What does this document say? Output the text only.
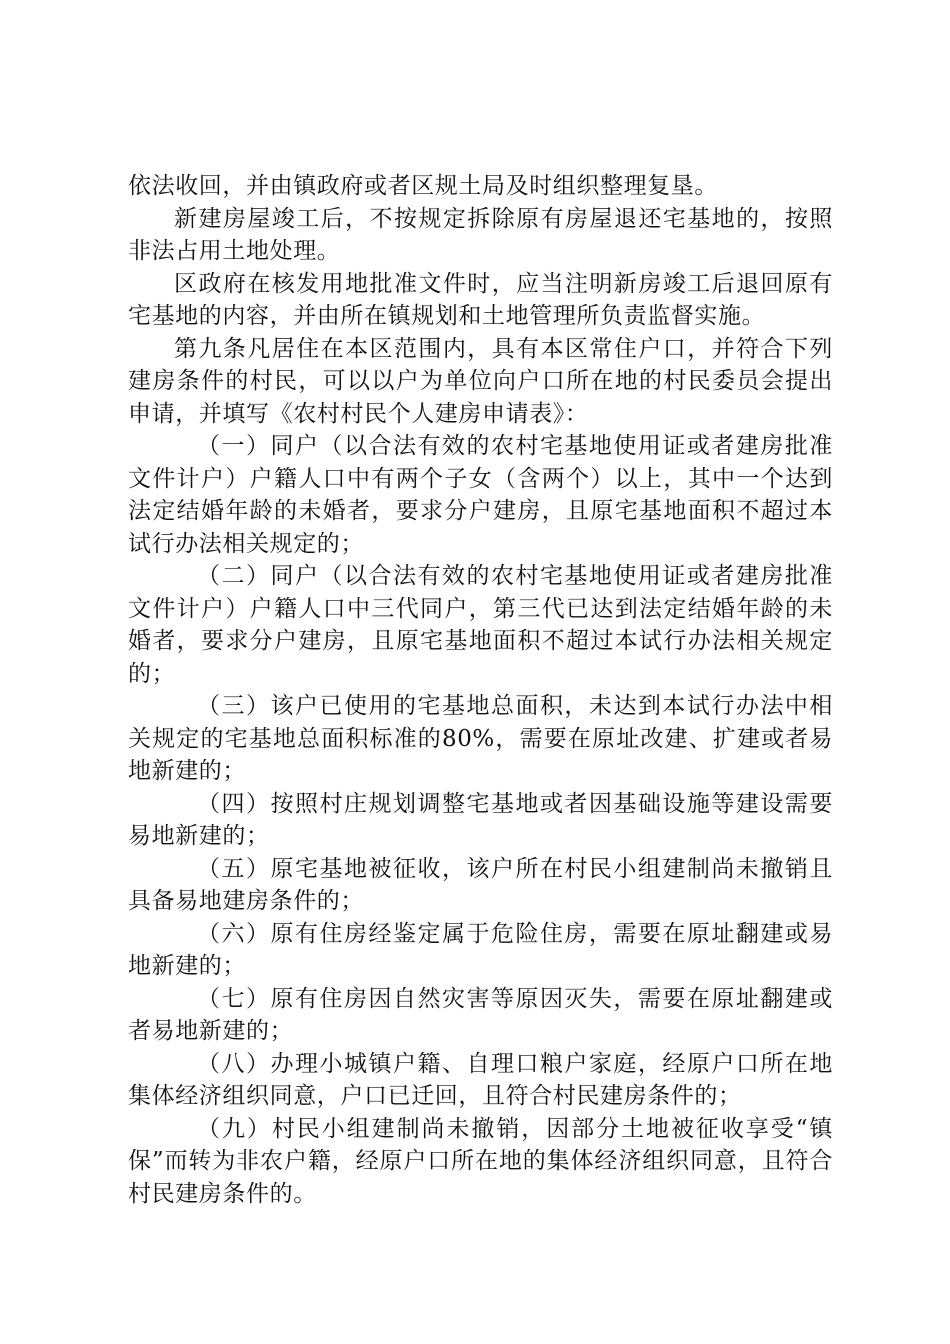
依法收回，并由镇政府或者区规土局及时组织整理复垦。

新建房屋竣工后，不按规定拆除原有房屋退还宅基地的，按照非法占用土地处理。

区政府在核发用地批准文件时，应当注明新房竣工后退回原有宅基地的内容，并由所在镇规划和土地管理所负责监督实施。

第九条凡居住在本区范围内，具有本区常住户口，并符合下列建房条件的村民，可以以户为单位向户口所在地的村民委员会提出申请，并填写《农村村民个人建房申请表》：

（一）同户（以合法有效的农村宅基地使用证或者建房批准文件计户）户籍人口中有两个子女（含两个）以上，其中一个达到法定结婚年龄的未婚者，要求分户建房，且原宅基地面积不超过本试行办法相关规定的；

（二）同户（以合法有效的农村宅基地使用证或者建房批准文件计户）户籍人口中三代同户，第三代已达到法定结婚年龄的未婚者，要求分户建房，且原宅基地面积不超过本试行办法相关规定的；

（三）该户已使用的宅基地总面积，未达到本试行办法中相关规定的宅基地总面积标准的80%，需要在原址改建、扩建或者易地新建的；

（四）按照村庄规划调整宅基地或者因基础设施等建设需要易地新建的；

（五）原宅基地被征收，该户所在村民小组建制尚未撤销且具备易地建房条件的；

（六）原有住房经鉴定属于危险住房，需要在原址翻建或易地新建的；

（七）原有住房因自然灾害等原因灭失，需要在原址翻建或者易地新建的；

（八）办理小城镇户籍、自理口粮户家庭，经原户口所在地集体经济组织同意，户口已迁回，且符合村民建房条件的；

（九）村民小组建制尚未撤销，因部分土地被征收享受“镇保”而转为非农户籍，经原户口所在地的集体经济组织同意，且符合村民建房条件的。
